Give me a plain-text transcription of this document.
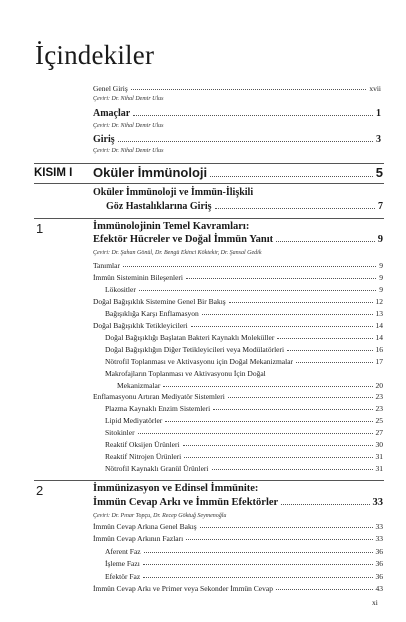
İçindekiler
Genel Giriş	xvii
Çeviri: Dr. Nihal Demir Ulus
Amaçlar	1
Çeviri: Dr. Nihal Demir Ulus
Giriş	3
Çeviri: Dr. Nihal Demir Ulus
KISIM I Oküler İmmünoloji	5
Oküler İmmünoloji ve İmmün-İlişkili
Göz Hastalıklarına Giriş	7
1	İmmünolojinin Temel Kavramları:
Efektör Hücreler ve Doğal İmmün Yanıt	9
Çeviri: Dr. Şahan Gönül, Dr. Bengü Ekinci Köktekir, Dr. Şansal Gedik
Tanımlar	9
İmmün Sisteminin Bileşenleri	9
Lökositler	9
Doğal Bağışıklık Sistemine Genel Bir Bakış	12
Bağışıklığa Karşı Enflamasyon	13
Doğal Bağışıklık Tetikleyicileri	14
Doğal Bağışıklığı Başlatan Bakteri Kaynaklı Moleküller	14
Doğal Bağışıklığın Diğer Tetikleyicileri veya Modülatörleri	16
Nötrofil Toplanması ve Aktivasyonu için Doğal Mekanizmalar	17
Makrofajların Toplanması ve Aktivasyonu İçin Doğal
Mekanizmalar	20
Enflamasyonu Artıran Mediyatör Sistemleri	23
Plazma Kaynaklı Enzim Sistemleri	23
Lipid Mediyatörler	25
Sitokinler	27
Reaktif Oksijen Ürünleri	30
Reaktif Nitrojen Ürünleri	31
Nötrofil Kaynaklı Granül Ürünleri	31
2	İmmünizasyon ve Edinsel İmmünite:
İmmün Cevap Arkı ve İmmün Efektörler	33
Çeviri: Dr. Pınar Topçu, Dr. Recep Göktuğ Seymenoğlu
İmmün Cevap Arkına Genel Bakış	33
İmmün Cevap Arkının Fazları	33
Aferent Faz	36
İşleme Fazı	36
Efektör Faz	36
İmmün Cevap Arkı ve Primer veya Sekonder İmmün Cevap	43
xi
